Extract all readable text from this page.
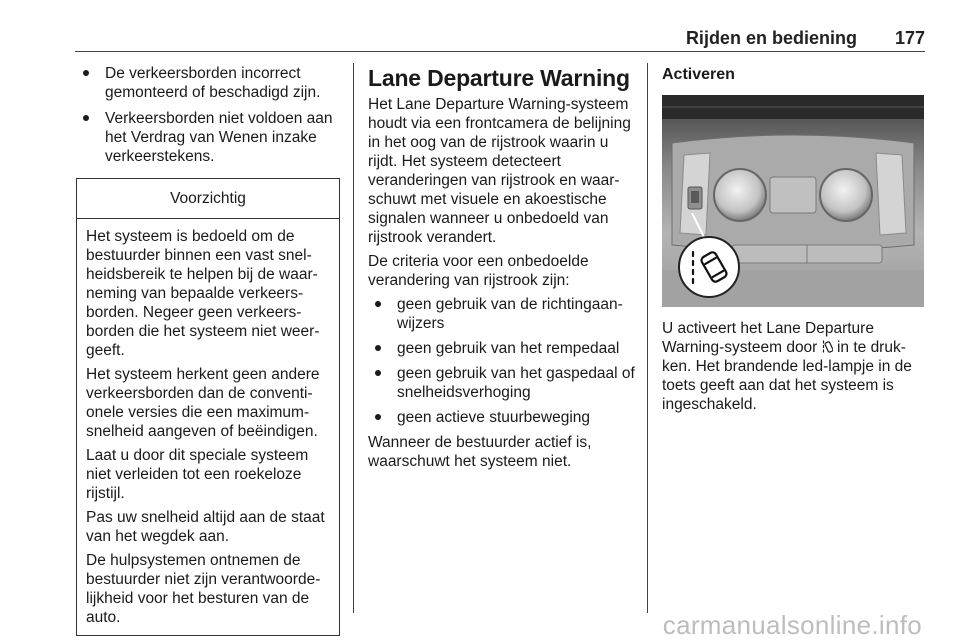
Rijden en bediening 177
De verkeersborden incorrect gemonteerd of beschadigd zijn.
Verkeersborden niet voldoen aan het Verdrag van Wenen inzake verkeerstekens.
Voorzichtig

Het systeem is bedoeld om de bestuurder binnen een vast snelheidsbereik te helpen bij de waarneming van bepaalde verkeersborden. Negeer geen verkeersborden die het systeem niet weergeeft.

Het systeem herkent geen andere verkeersborden dan de conventionele versies die een maximumsnelheid aangeven of beëindigen.

Laat u door dit speciale systeem niet verleiden tot een roekeloze rijstijl.

Pas uw snelheid altijd aan de staat van het wegdek aan.

De hulpsystemen ontnemen de bestuurder niet zijn verantwoordelijkheid voor het besturen van de auto.

Lane Departure Warning

Het Lane Departure Warning-systeem houdt via een frontcamera de belijning in het oog van de rijstrook waarin u rijdt. Het systeem detecteert veranderingen van rijstrook en waarschuwt met visuele en akoestische signalen wanneer u onbedoeld van rijstrook verandert.

De criteria voor een onbedoelde verandering van rijstrook zijn:

geen gebruik van de richtingaanwijzers
geen gebruik van het rempedaal
geen gebruik van het gaspedaal of snelheidsverhoging
geen actieve stuurbeweging

Wanneer de bestuurder actief is, waarschuwt het systeem niet.

Activeren

U activeert het Lane Departure Warning-systeem door  in te drukken. Het brandende led-lampje in de toets geeft aan dat het systeem is ingeschakeld.

carmanualsonline.info
